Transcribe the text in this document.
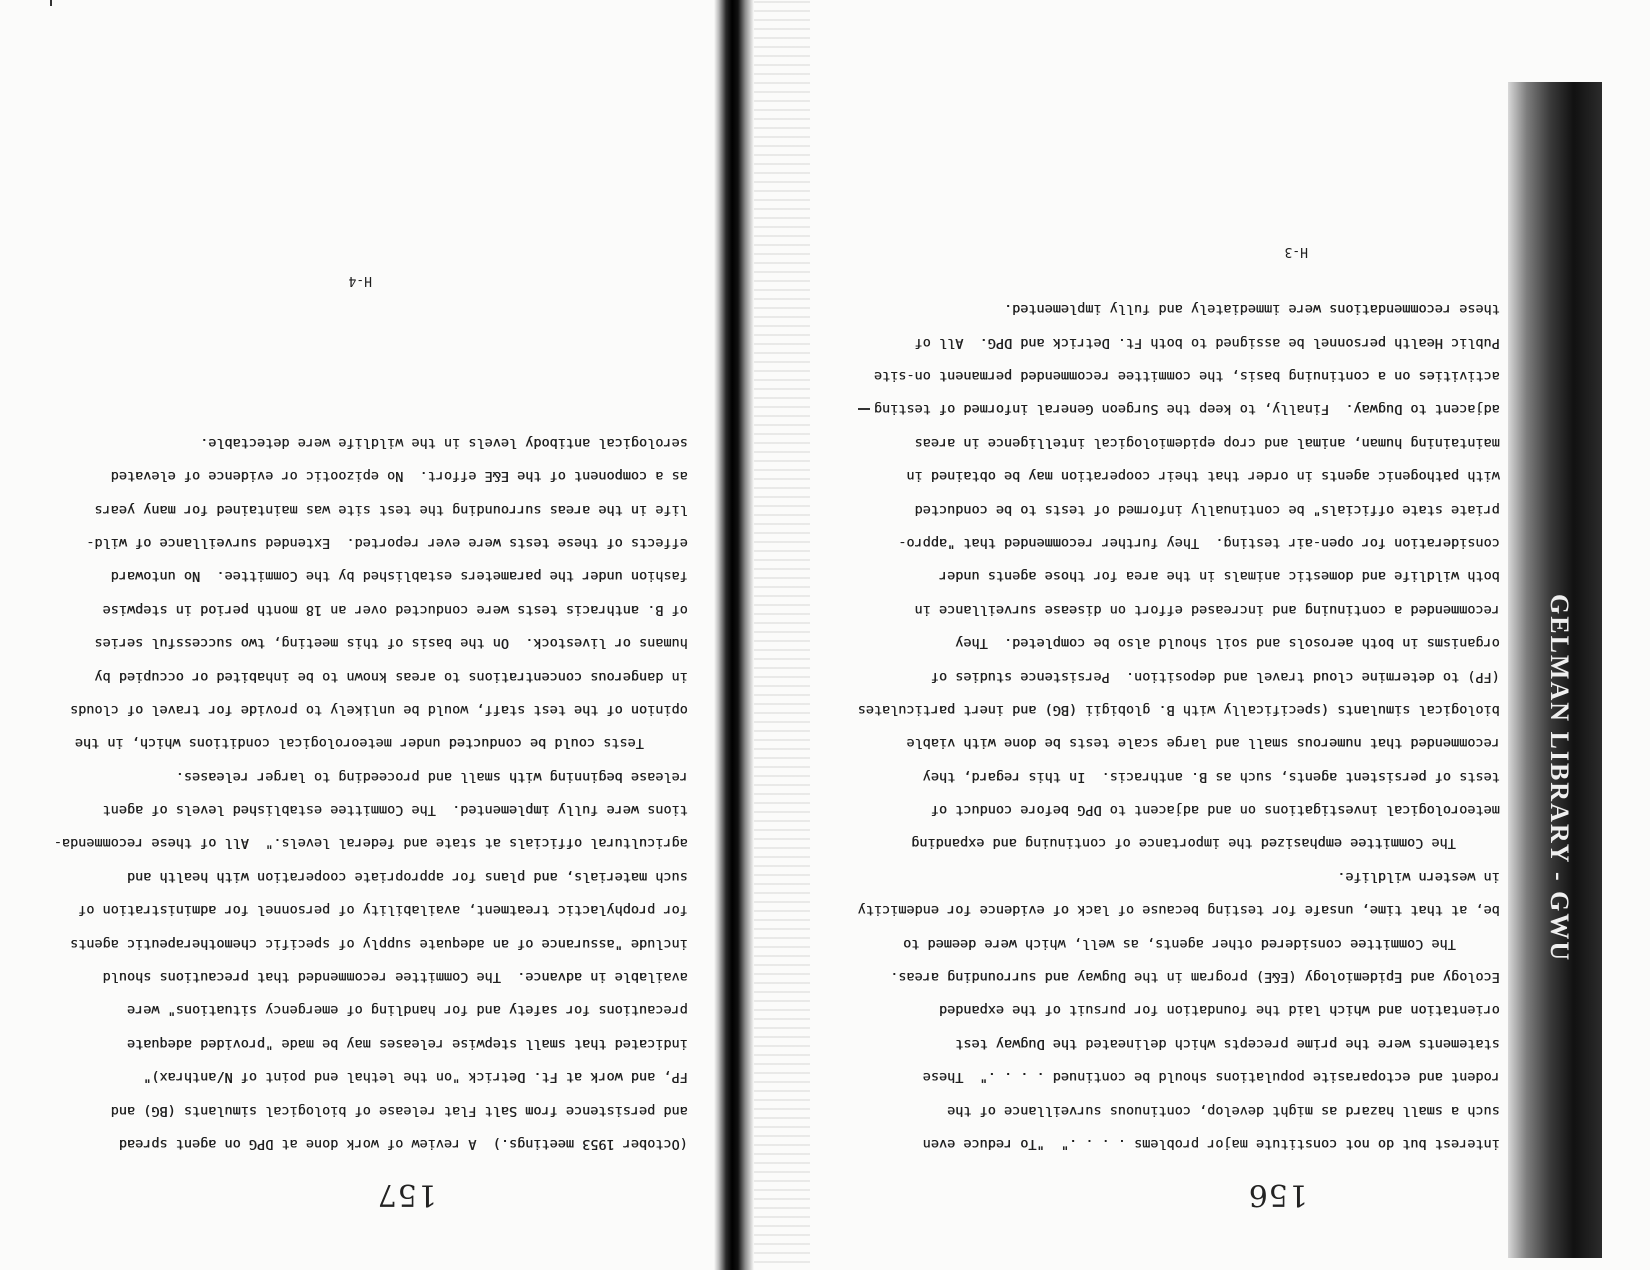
GELMAN LIBRARY - GWU
156
interest but do not constitute major problems . . . ."  "To reduce even
such a small hazard as might develop, continuous surveillance of the
rodent and ectoparasite populations should be continued . . . ."  These
statements were the prime precepts which delineated the Dugway test
orientation and which laid the foundation for pursuit of the expanded
Ecology and Epidemiology (E&E) program in the Dugway and surrounding areas.
The Committee considered other agents, as well, which were deemed to
be, at that time, unsafe for testing because of lack of evidence for endemicity
in western wildlife.
The Committee emphasized the importance of continuing and expanding
meteorological investigations on and adjacent to DPG before conduct of
tests of persistent agents, such as B. anthracis.  In this regard, they
recommended that numerous small and large scale tests be done with viable
biological simulants (specifically with B. globigii (BG) and inert particulates
(FP) to determine cloud travel and deposition.  Persistence studies of
organisms in both aerosols and soil should also be completed.  They
recommended a continuing and increased effort on disease surveillance in
both wildlife and domestic animals in the area for those agents under
consideration for open-air testing.  They further recommended that "appro-
priate state officials" be continually informed of tests to be conducted
with pathogenic agents in order that their cooperation may be obtained in
maintaining human, animal and crop epidemiological intelligence in areas
adjacent to Dugway.  Finally, to keep the Surgeon General informed of testing
activities on a continuing basis, the committee recommended permanent on-site
Public Health personnel be assigned to both Ft. Detrick and DPG.  All of
these recommendations were immediately and fully implemented.
H-3
157
(October 1953 meetings.)  A review of work done at DPG on agent spread
and persistence from Salt Flat release of biological simulants (BG) and
FP, and work at Ft. Detrick "on the lethal end point of N/anthrax)"
indicated that small stepwise releases may be made "provided adequate
precautions for safety and for handling of emergency situations" were
available in advance.  The Committee recommended that precautions should
include "assurance of an adequate supply of specific chemotherapeutic agents
for prophylactic treatment, availability of personnel for administration of
such materials, and plans for appropriate cooperation with health and
agricultural officials at state and federal levels."  All of these recommenda-
tions were fully implemented.  The Committee established levels of agent
release beginning with small and proceeding to larger releases.
Tests could be conducted under meteorological conditions which, in the
opinion of the test staff, would be unlikely to provide for travel of clouds
in dangerous concentrations to areas known to be inhabited or occupied by
humans or livestock.  On the basis of this meeting, two successful series
of B. anthracis tests were conducted over an 18 month period in stepwise
fashion under the parameters established by the Committee.  No untoward
effects of these tests were ever reported.  Extended surveillance of wild-
life in the areas surrounding the test site was maintained for many years
as a component of the E&E effort.  No epizootic or evidence of elevated
serological antibody levels in the wildlife were detectable.
H-4
